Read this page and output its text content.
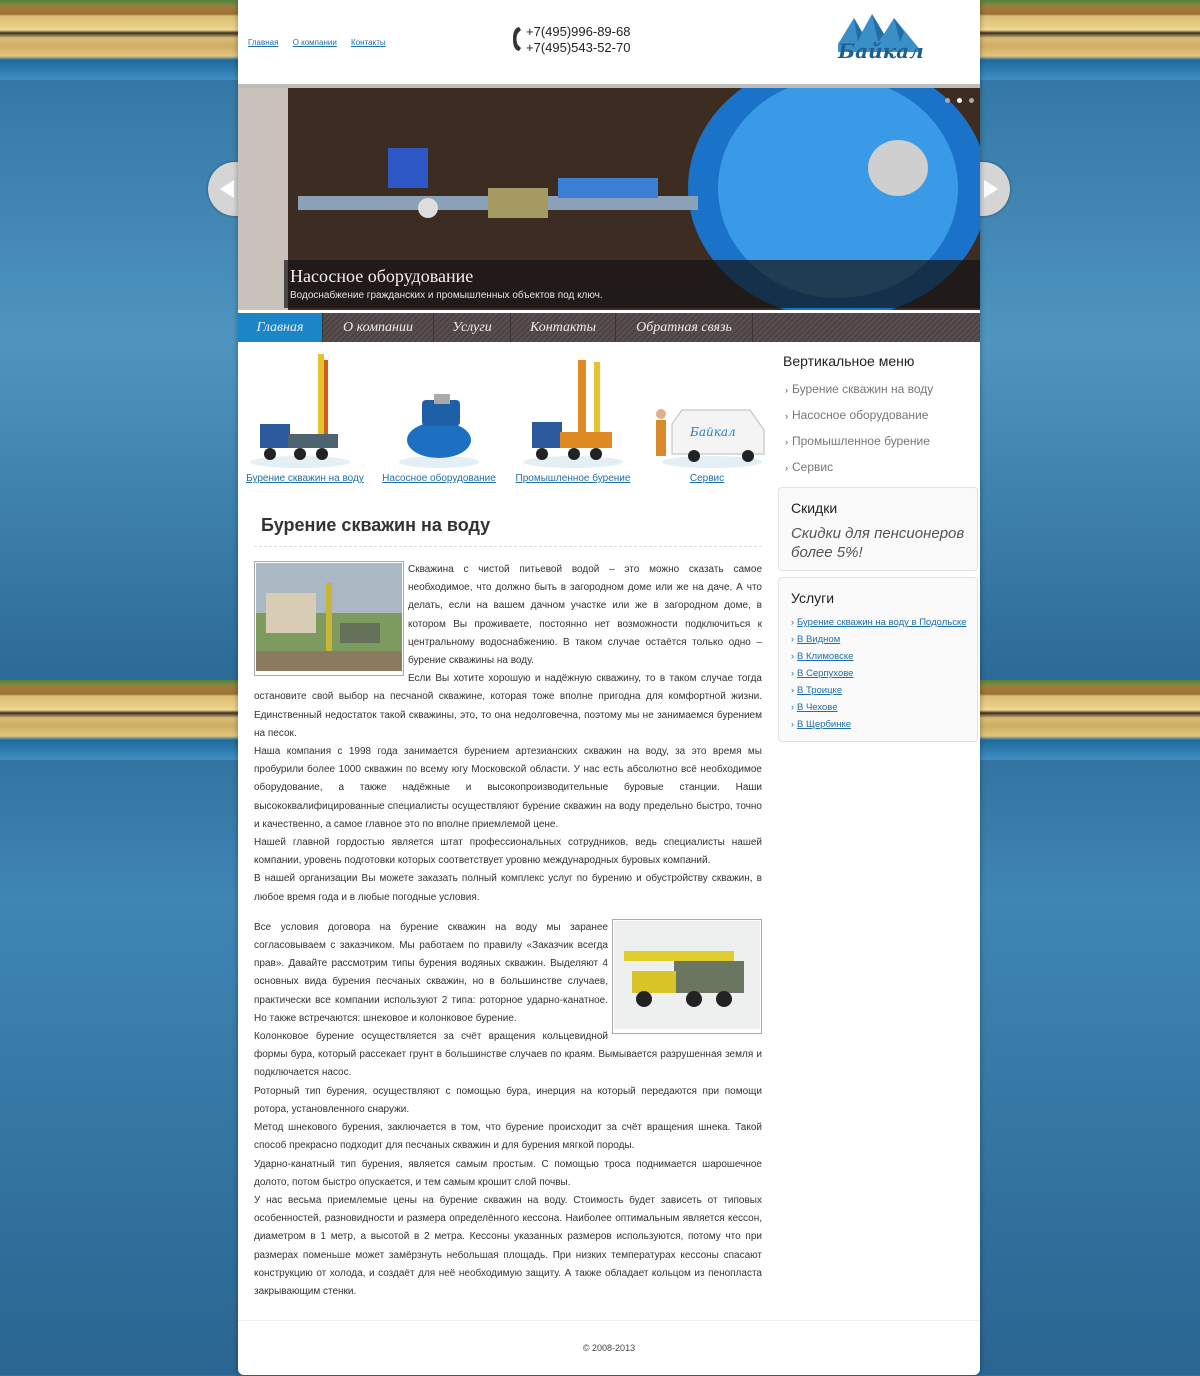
Главная О компании Контакты
+7(495)996-89-68
+7(495)543-52-70	Байкал

Насосное оборудование
Водоснабжение гражданских и промышленных объектов под ключ.
Главная	О компании	Услуги	Контакты	Обратная связь
Бурение скважин на воду	Насосное оборудование	Промышленное бурение
Байкал
Сервис
Бурение скважин на воду

Скважина с чистой питьевой водой – это можно сказать самое необходимое, что должно быть в загородном доме или же на даче. А что делать, если на вашем дачном участке или же в загородном доме, в котором Вы проживаете, постоянно нет возможности подключиться к центральному водоснабжению. В таком случае остаётся только одно – бурение скважины на воду.

Если Вы хотите хорошую и надёжную скважину, то в таком случае тогда остановите свой выбор на песчаной скважине, которая тоже вполне пригодна для комфортной жизни. Единственный недостаток такой скважины, это, то она недолговечна, поэтому мы не занимаемся бурением на песок.

Наша компания с 1998 года занимается бурением артезианских скважин на воду, за это время мы пробурили более 1000 скважин по всему югу Московской области. У нас есть абсолютно всё необходимое оборудование, а также надёжные и высокопроизводительные буровые станции. Наши высококвалифицированные специалисты осуществляют бурение скважин на воду предельно быстро, точно и качественно, а самое главное это по вполне приемлемой цене.

Нашей главной гордостью является штат профессиональных сотрудников, ведь специалисты нашей компании, уровень подготовки которых соответствует уровню международных буровых компаний.

В нашей организации Вы можете заказать полный комплекс услуг по бурению и обустройству скважин, в любое время года и в любые погодные условия.

Все условия договора на бурение скважин на воду мы заранее согласовываем с заказчиком. Мы работаем по правилу «Заказчик всегда прав». Давайте рассмотрим типы бурения водяных скважин. Выделяют 4 основных вида бурения песчаных скважин, но в большинстве случаев, практически все компании используют 2 типа: роторное ударно-канатное. Но также встречаются: шнековое и колонковое бурение.

Колонковое бурение осуществляется за счёт вращения кольцевидной формы бура, который рассекает грунт в большинстве случаев по краям. Вымывается разрушенная земля и подключается насос.

Роторный тип бурения, осуществляют с помощью бура, инерция на который передаются при помощи ротора, установленного снаружи.

Метод шнекового бурения, заключается в том, что бурение происходит за счёт вращения шнека. Такой способ прекрасно подходит для песчаных скважин и для бурения мягкой породы.

Ударно-канатный тип бурения, является самым простым. С помощью троса поднимается шарошечное долото, потом быстро опускается, и тем самым крошит слой почвы.

У нас весьма приемлемые цены на бурение скважин на воду. Стоимость будет зависеть от типовых особенностей, разновидности и размера определённого кессона. Наиболее оптимальным является кессон, диаметром в 1 метр, а высотой в 2 метра. Кессоны указанных размеров используются, потому что при размерах поменьше может замёрзнуть небольшая площадь. При низких температурах кессоны спасают конструкцию от холода, и создаёт для неё необходимую защиту. А также обладает кольцом из пенопласта закрывающим стенки.

Вертикальное меню
› Бурение скважин на воду
› Насосное оборудование
› Промышленное бурение
› Сервис
Скидки
Скидки для пенсионеров более 5%!
Услуги
› Бурение скважин на воду в Подольске
› В Видном
› В Климовске
› В Серпухове
› В Троицке
› В Чехове
› В Щербинке
© 2008-2013
